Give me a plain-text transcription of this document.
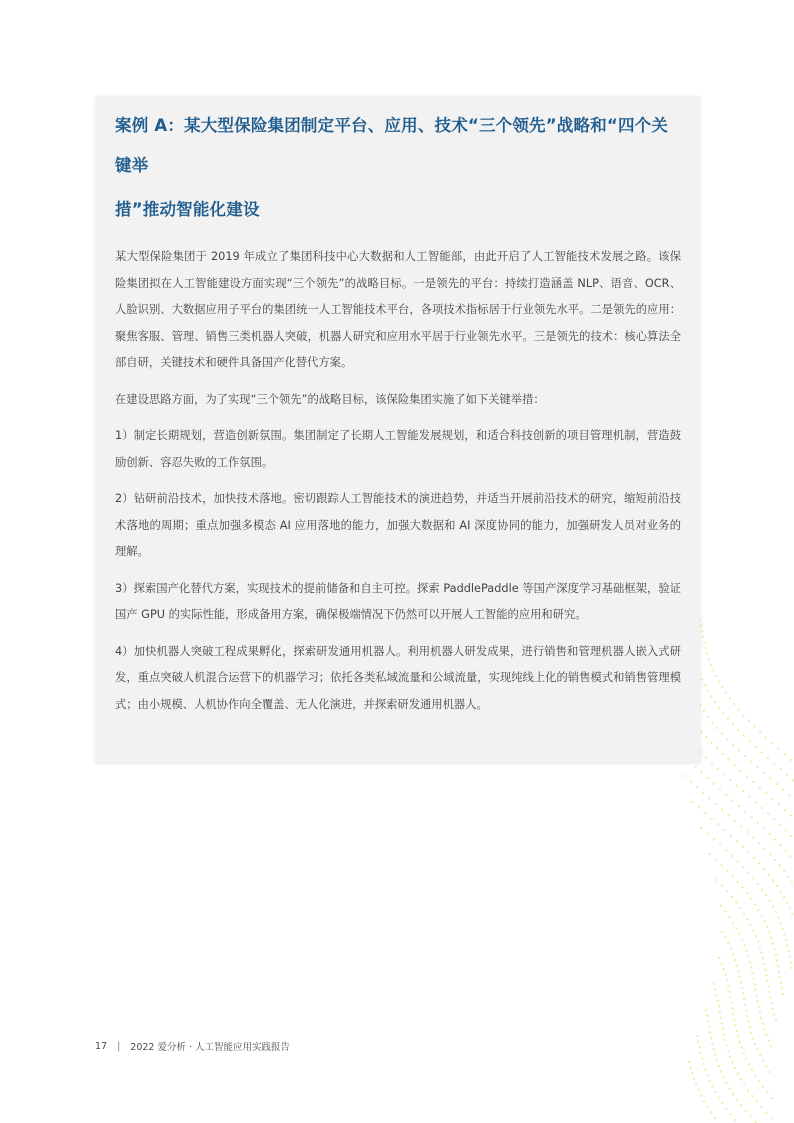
案例 A：某大型保险集团制定平台、应用、技术“三个领先”战略和“四个关键举
措”推动智能化建设

某大型保险集团于 2019 年成立了集团科技中心大数据和人工智能部，由此开启了人工智能技术发展之路。该保险集团拟在人工智能建设方面实现“三个领先”的战略目标。一是领先的平台：持续打造涵盖 NLP、语音、OCR、人脸识别、大数据应用子平台的集团统一人工智能技术平台，各项技术指标居于行业领先水平。二是领先的应用：聚焦客服、管理、销售三类机器人突破，机器人研究和应用水平居于行业领先水平。三是领先的技术：核心算法全部自研，关键技术和硬件具备国产化替代方案。

在建设思路方面，为了实现“三个领先”的战略目标，该保险集团实施了如下关键举措：

1）制定长期规划，营造创新氛围。集团制定了长期人工智能发展规划，和适合科技创新的项目管理机制，营造鼓励创新、容忍失败的工作氛围。

2）钻研前沿技术，加快技术落地。密切跟踪人工智能技术的演进趋势，并适当开展前沿技术的研究，缩短前沿技术落地的周期；重点加强多模态 AI 应用落地的能力，加强大数据和 AI 深度协同的能力，加强研发人员对业务的理解。

3）探索国产化替代方案，实现技术的提前储备和自主可控。探索 PaddlePaddle 等国产深度学习基础框架，验证国产 GPU 的实际性能，形成备用方案，确保极端情况下仍然可以开展人工智能的应用和研究。

4）加快机器人突破工程成果孵化，探索研发通用机器人。利用机器人研发成果，进行销售和管理机器人嵌入式研发，重点突破人机混合运营下的机器学习；依托各类私域流量和公域流量，实现纯线上化的销售模式和销售管理模式；由小规模、人机协作向全覆盖、无人化演进，并探索研发通用机器人。

17 | 2022 爱分析 · 人工智能应用实践报告
